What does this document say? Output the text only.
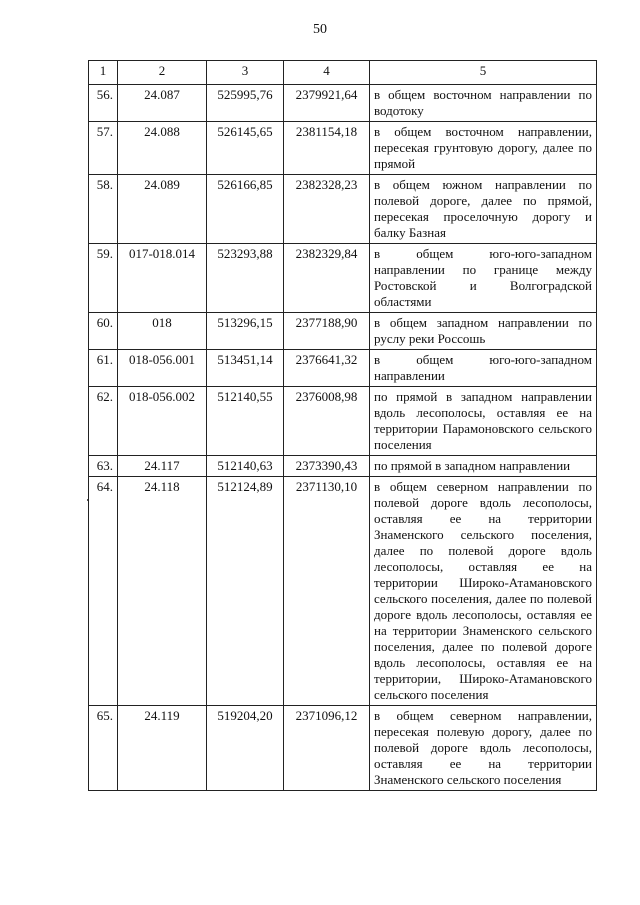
50
1	2	3	4	5
56.	24.087	525995,76	2379921,64	в общем восточном направлении по водотоку
57.	24.088	526145,65	2381154,18	в общем восточном направлении, пересекая грунтовую дорогу, далее по прямой
58.	24.089	526166,85	2382328,23	в общем южном направлении по полевой дороге, далее по прямой, пересекая проселочную дорогу и балку Базная
59.	017-018.014	523293,88	2382329,84	в общем юго-юго-западном направлении по границе между Ростовской и Волгоградской областями
60.	018	513296,15	2377188,90	в общем западном направлении по руслу реки Россошь
61.	018-056.001	513451,14	2376641,32	в общем юго-юго-западном направлении
62.	018-056.002	512140,55	2376008,98	по прямой в западном направлении вдоль лесополосы, оставляя ее на территории Парамоновского сельского поселения
63.	24.117	512140,63	2373390,43	по прямой в западном направлении
64.	24.118	512124,89	2371130,10	в общем северном направлении по полевой дороге вдоль лесополосы, оставляя ее на территории Знаменского сельского поселения, далее по полевой дороге вдоль лесополосы, оставляя ее на территории Широко-Атамановского сельского поселения, далее по полевой дороге вдоль лесополосы, оставляя ее на территории Знаменского сельского поселения, далее по полевой дороге вдоль лесополосы, оставляя ее на территории, Широко-Атамановского сельского поселения
65.	24.119	519204,20	2371096,12	в общем северном направлении, пересекая полевую дорогу, далее по полевой дороге вдоль лесополосы, оставляя ее на территории Знаменского сельского поселения
